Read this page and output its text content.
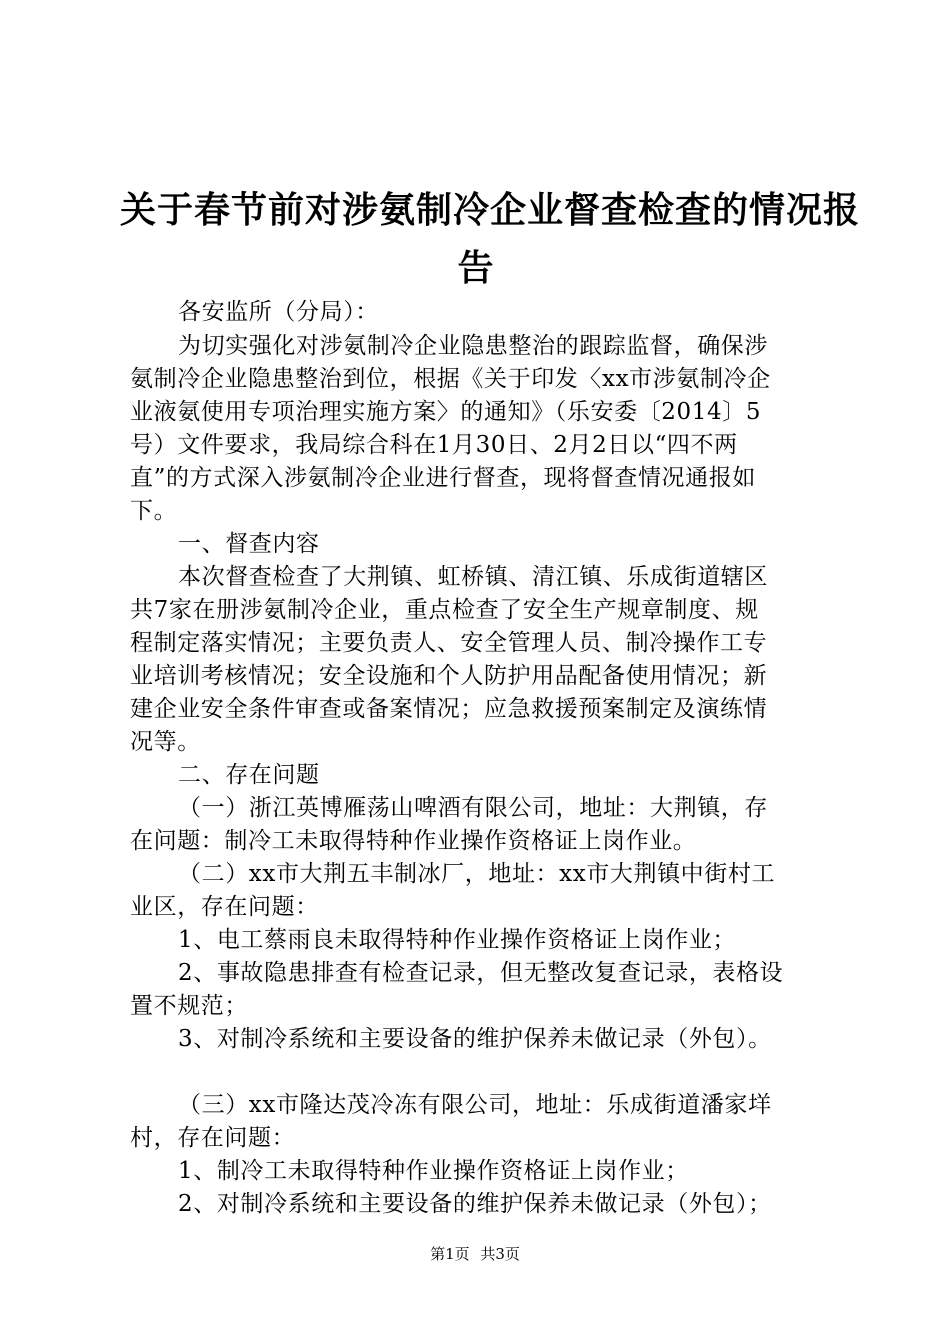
关于春节前对涉氨制冷企业督查检查的情况报
告
各安监所（分局）：
为切实强化对涉氨制冷企业隐患整治的跟踪监督，确保涉
氨制冷企业隐患整治到位，根据《关于印发〈xx市涉氨制冷企
业液氨使用专项治理实施方案〉的通知》（乐安委〔2014〕5
号）文件要求，我局综合科在1月30日、2月2日以“四不两
直”的方式深入涉氨制冷企业进行督查，现将督查情况通报如
下。
一、督查内容
本次督查检查了大荆镇、虹桥镇、清江镇、乐成街道辖区
共7家在册涉氨制冷企业，重点检查了安全生产规章制度、规
程制定落实情况；主要负责人、安全管理人员、制冷操作工专
业培训考核情况；安全设施和个人防护用品配备使用情况；新
建企业安全条件审查或备案情况；应急救援预案制定及演练情
况等。
二、存在问题
（一）浙江英博雁荡山啤酒有限公司，地址：大荆镇，存
在问题：制冷工未取得特种作业操作资格证上岗作业。
（二）xx市大荆五丰制冰厂，地址：xx市大荆镇中街村工
业区，存在问题：
1、电工蔡雨良未取得特种作业操作资格证上岗作业；
2、事故隐患排查有检查记录，但无整改复查记录，表格设
置不规范；
3、对制冷系统和主要设备的维护保养未做记录（外包）。
（三）xx市隆达茂冷冻有限公司，地址：乐成街道潘家垟
村，存在问题：
1、制冷工未取得特种作业操作资格证上岗作业；
2、对制冷系统和主要设备的维护保养未做记录（外包）；
第1页 共3页
